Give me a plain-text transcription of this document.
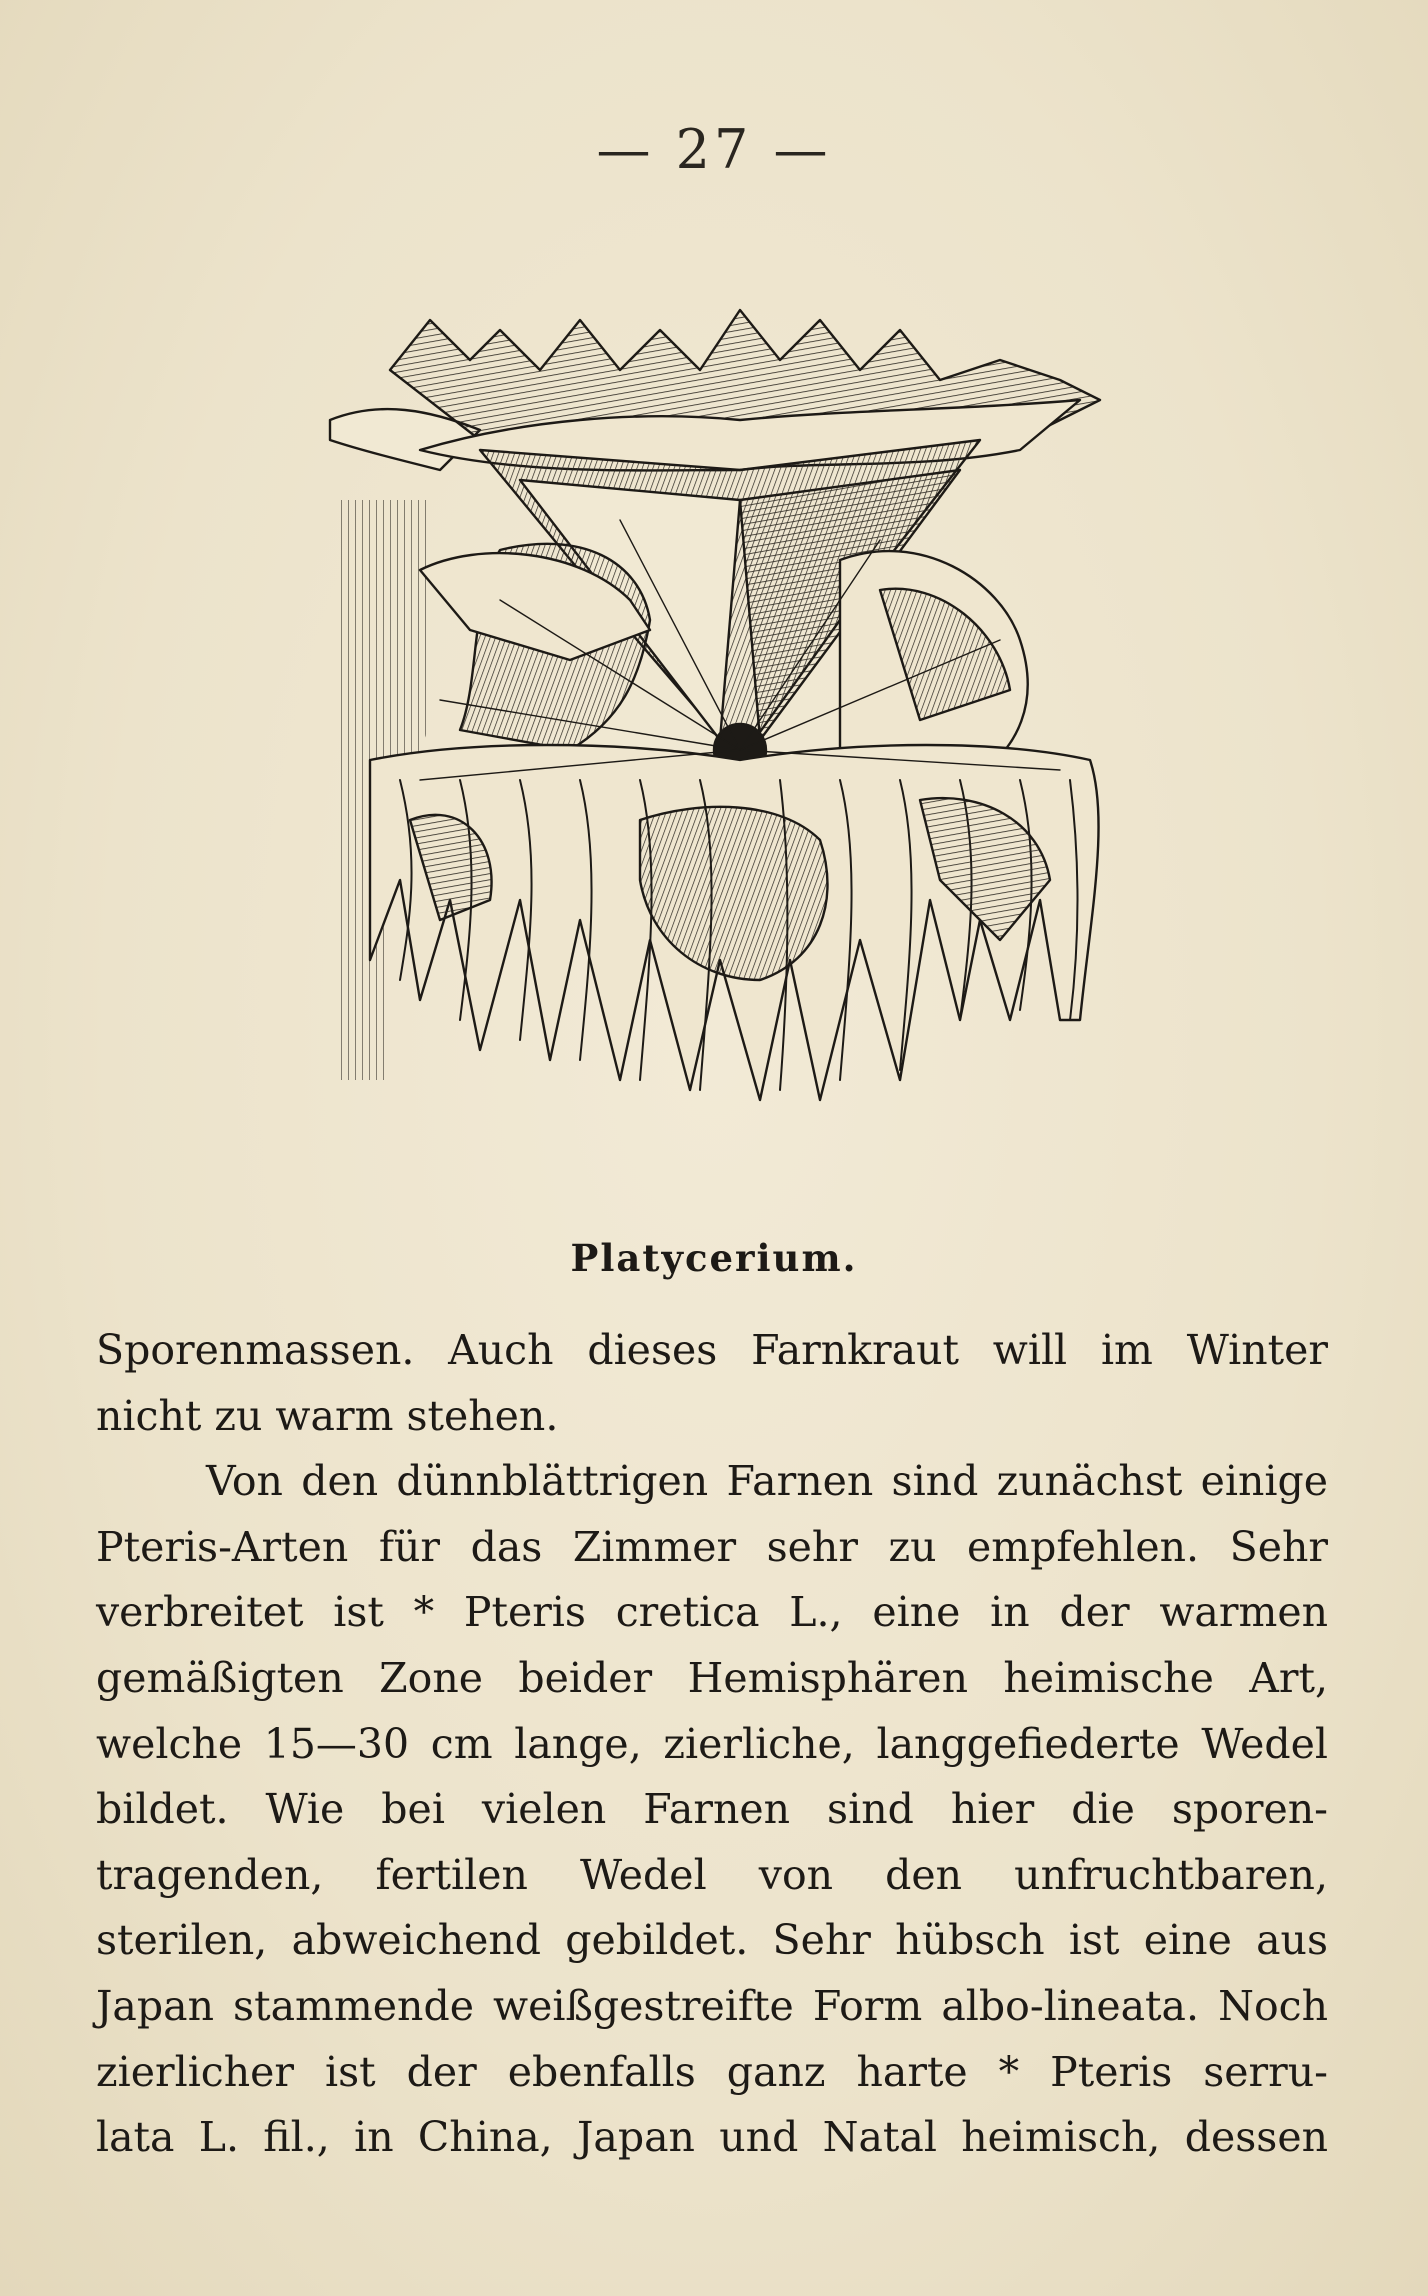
— 27 —
Platycerium.
Sporenmassen. Auch dieses Farnkraut will im Winter
nicht zu warm stehen.
Von den dünnblättrigen Farnen sind zunächst einige
Pteris-Arten für das Zimmer sehr zu empfehlen. Sehr
verbreitet ist * Pteris cretica L., eine in der warmen
gemäßigten Zone beider Hemisphären heimische Art,
welche 15—30 cm lange, zierliche, langgefiederte Wedel
bildet. Wie bei vielen Farnen sind hier die sporen-
tragenden, fertilen Wedel von den unfruchtbaren,
sterilen, abweichend gebildet. Sehr hübsch ist eine aus
Japan stammende weißgestreifte Form albo-lineata. Noch
zierlicher ist der ebenfalls ganz harte * Pteris serru-
lata L. fil., in China, Japan und Natal heimisch, dessen
